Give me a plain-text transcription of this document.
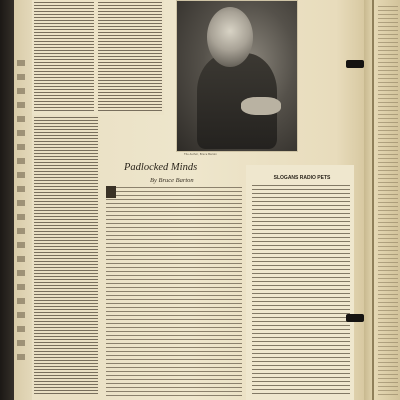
The Author, Bruce Barton
Padlocked Minds
By Bruce Barton	SLOGANS RADIO PETS
